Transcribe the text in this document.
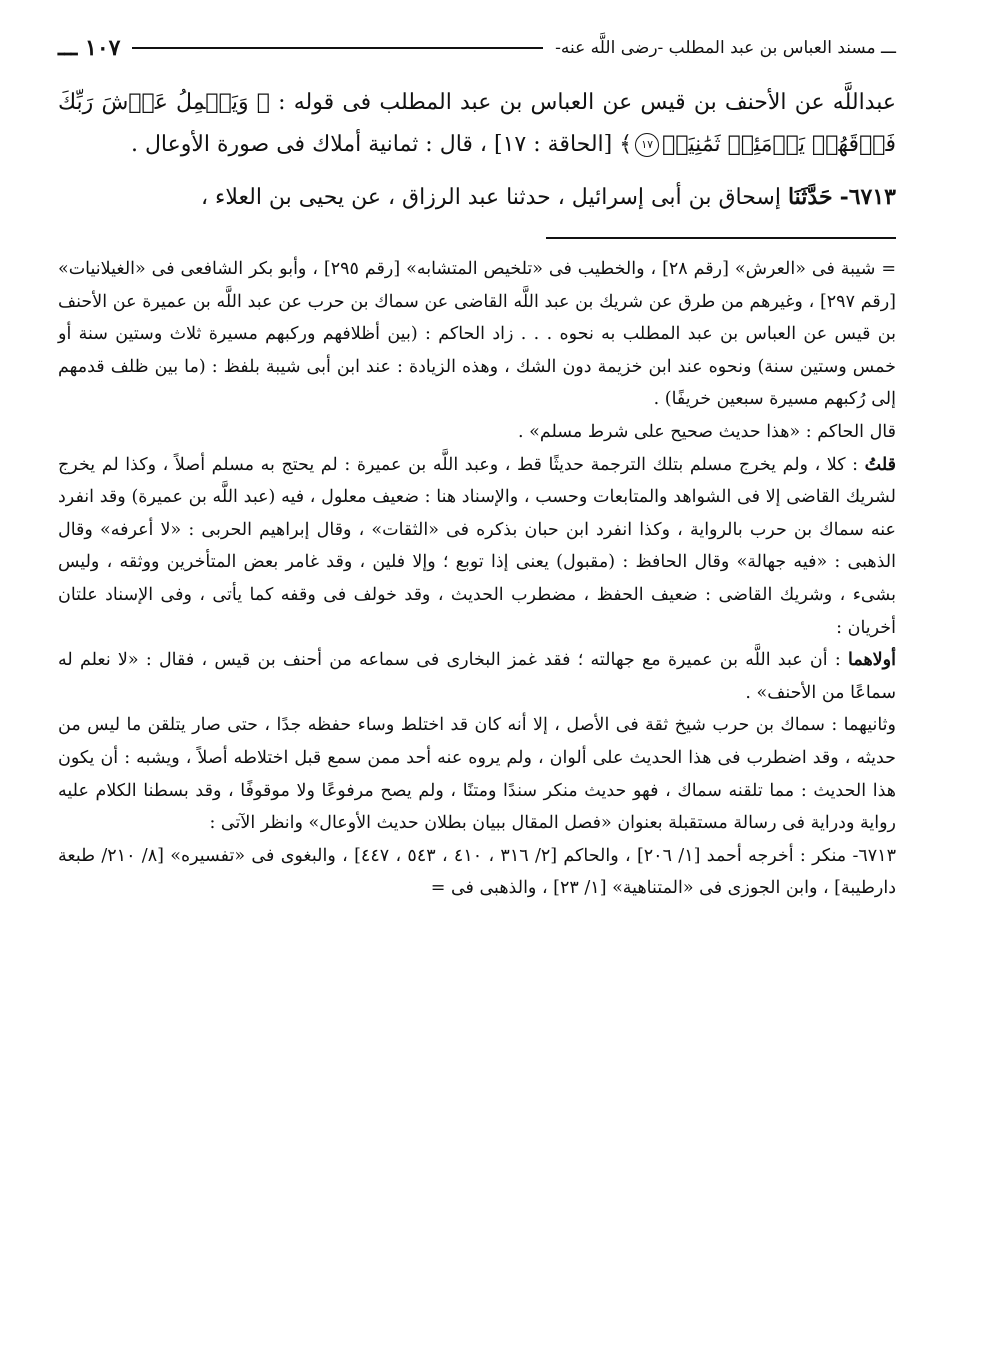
ـــ مسند العباس بن عبد المطلب -رضى اللَّه عنه-
١٠٧ ـــ

عبداللَّه عن الأحنف بن قيس عن العباس بن عبد المطلب فى قوله : ﴿ وَيَحۡمِلُ عَرۡشَ رَبِّكَ فَوۡقَهُمۡ يَوۡمَئِذٖ ثَمَٰنِيَةٞ١٧﴾ [الحاقة : ١٧] ، قال : ثمانية أملاك فى صورة الأوعال .

٦٧١٣- حَدَّثَنَا إسحاق بن أبى إسرائيل ، حدثنا عبد الرزاق ، عن يحيى بن العلاء ،

= شيبة فى «العرش» [رقم ٢٨] ، والخطيب فى «تلخيص المتشابه» [رقم ٢٩٥] ، وأبو بكر الشافعى فى «الغيلانيات» [رقم ٢٩٧] ، وغيرهم من طرق عن شريك بن عبد اللَّه القاضى عن سماك بن حرب عن عبد اللَّه بن عميرة عن الأحنف بن قيس عن العباس بن عبد المطلب به نحوه . . . زاد الحاكم : (بين أظلافهم وركبهم مسيرة ثلاث وستين سنة أو خمس وستين سنة) ونحوه عند ابن خزيمة دون الشك ، وهذه الزيادة : عند ابن أبى شيبة بلفظ : (ما بين ظلف قدمهم إلى رُكبهم مسيرة سبعين خريفًا) .

قال الحاكم : «هذا حديث صحيح على شرط مسلم» .

قلتُ : كلا ، ولم يخرج مسلم بتلك الترجمة حديثًا قط ، وعبد اللَّه بن عميرة : لم يحتج به مسلم أصلاً ، وكذا لم يخرج لشريك القاضى إلا فى الشواهد والمتابعات وحسب ، والإسناد هنا : ضعيف معلول ، فيه (عبد اللَّه بن عميرة) وقد انفرد عنه سماك بن حرب بالرواية ، وكذا انفرد ابن حبان بذكره فى «الثقات» ، وقال إبراهيم الحربى : «لا أعرفه» وقال الذهبى : «فيه جهالة» وقال الحافظ : (مقبول) يعنى إذا توبع ؛ وإلا فلين ، وقد غامر بعض المتأخرين ووثقه ، وليس بشىء ، وشريك القاضى : ضعيف الحفظ ، مضطرب الحديث ، وقد خولف فى وقفه كما يأتى ، وفى الإسناد علتان أخريان :

أولاهما : أن عبد اللَّه بن عميرة مع جهالته ؛ فقد غمز البخارى فى سماعه من أحنف بن قيس ، فقال : «لا نعلم له سماعًا من الأحنف» .

وثانيهما : سماك بن حرب شيخ ثقة فى الأصل ، إلا أنه كان قد اختلط وساء حفظه جدًا ، حتى صار يتلقن ما ليس من حديثه ، وقد اضطرب فى هذا الحديث على ألوان ، ولم يروه عنه أحد ممن سمع قبل اختلاطه أصلاً ، ويشبه : أن يكون هذا الحديث : مما تلقنه سماك ، فهو حديث منكر سندًا ومتنًا ، ولم يصح مرفوعًا ولا موقوفًا ، وقد بسطنا الكلام عليه رواية ودراية فى رسالة مستقبلة بعنوان «فصل المقال ببيان بطلان حديث الأوعال» وانظر الآتى :

٦٧١٣- منكر : أخرجه أحمد [١/ ٢٠٦] ، والحاكم [٢/ ٣١٦ ، ٤١٠ ، ٥٤٣ ، ٤٤٧] ، والبغوى فى «تفسيره» [٨/ ٢١٠/ طبعة دارطيبة] ، وابن الجوزى فى «المتناهية» [١/ ٢٣] ، والذهبى فى =
